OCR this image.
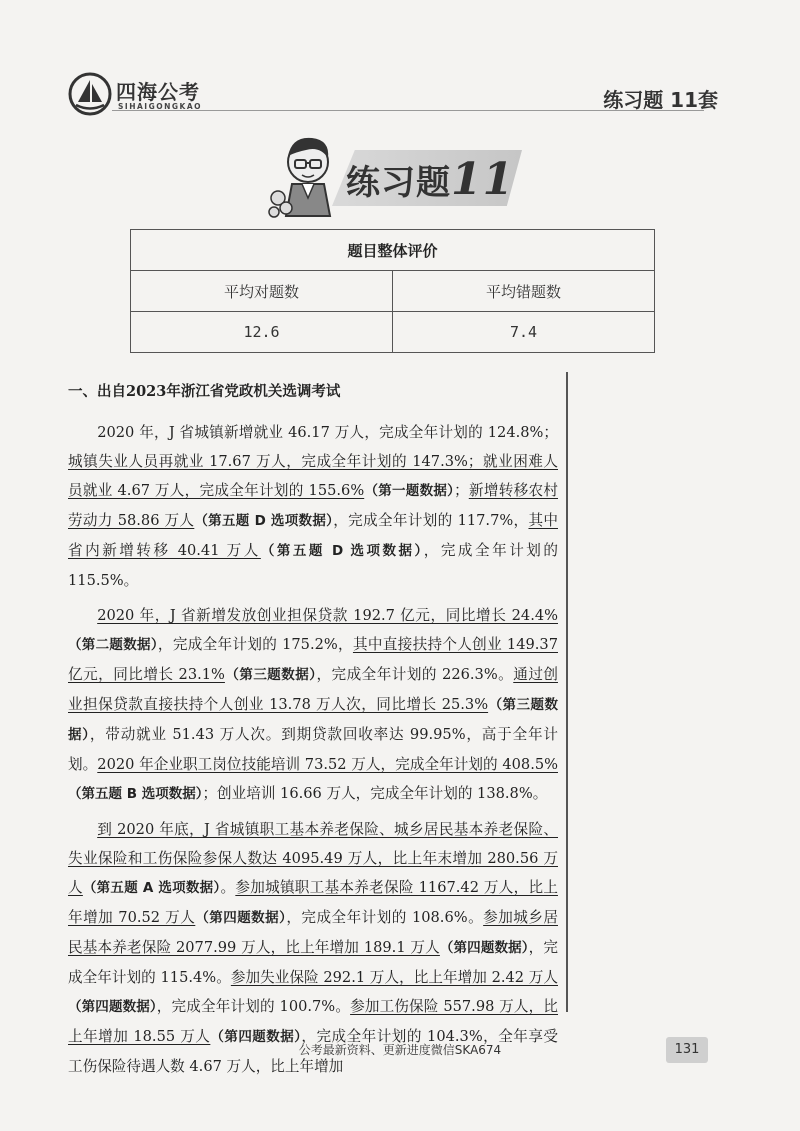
四海公考
SIHAIGONGKAO	练习题 11套
练习题11
题目整体评价	
平均对题数	平均错题数
12.6	7.4
一、出自2023年浙江省党政机关选调考试

2020 年，J 省城镇新增就业 46.17 万人，完成全年计划的 124.8%；城镇失业人员再就业 17.67 万人，完成全年计划的 147.3%；就业困难人员就业 4.67 万人，完成全年计划的 155.6%（第一题数据）；新增转移农村劳动力 58.86 万人（第五题 D 选项数据），完成全年计划的 117.7%，其中省内新增转移 40.41 万人（第五题 D 选项数据），完成全年计划的 115.5%。

2020 年，J 省新增发放创业担保贷款 192.7 亿元，同比增长 24.4%（第二题数据），完成全年计划的 175.2%，其中直接扶持个人创业 149.37 亿元，同比增长 23.1%（第三题数据），完成全年计划的 226.3%。通过创业担保贷款直接扶持个人创业 13.78 万人次，同比增长 25.3%（第三题数据），带动就业 51.43 万人次。到期贷款回收率达 99.95%，高于全年计划。2020 年企业职工岗位技能培训 73.52 万人，完成全年计划的 408.5%（第五题 B 选项数据）；创业培训 16.66 万人，完成全年计划的 138.8%。

到 2020 年底，J 省城镇职工基本养老保险、城乡居民基本养老保险、失业保险和工伤保险参保人数达 4095.49 万人，比上年末增加 280.56 万人（第五题 A 选项数据）。参加城镇职工基本养老保险 1167.42 万人，比上年增加 70.52 万人（第四题数据），完成全年计划的 108.6%。参加城乡居民基本养老保险 2077.99 万人，比上年增加 189.1 万人（第四题数据），完成全年计划的 115.4%。参加失业保险 292.1 万人，比上年增加 2.42 万人（第四题数据），完成全年计划的 100.7%。参加工伤保险 557.98 万人，比上年增加 18.55 万人（第四题数据），完成全年计划的 104.3%，全年享受工伤保险待遇人数 4.67 万人，比上年增加

公考最新资料、更新进度微信SKA674	131
